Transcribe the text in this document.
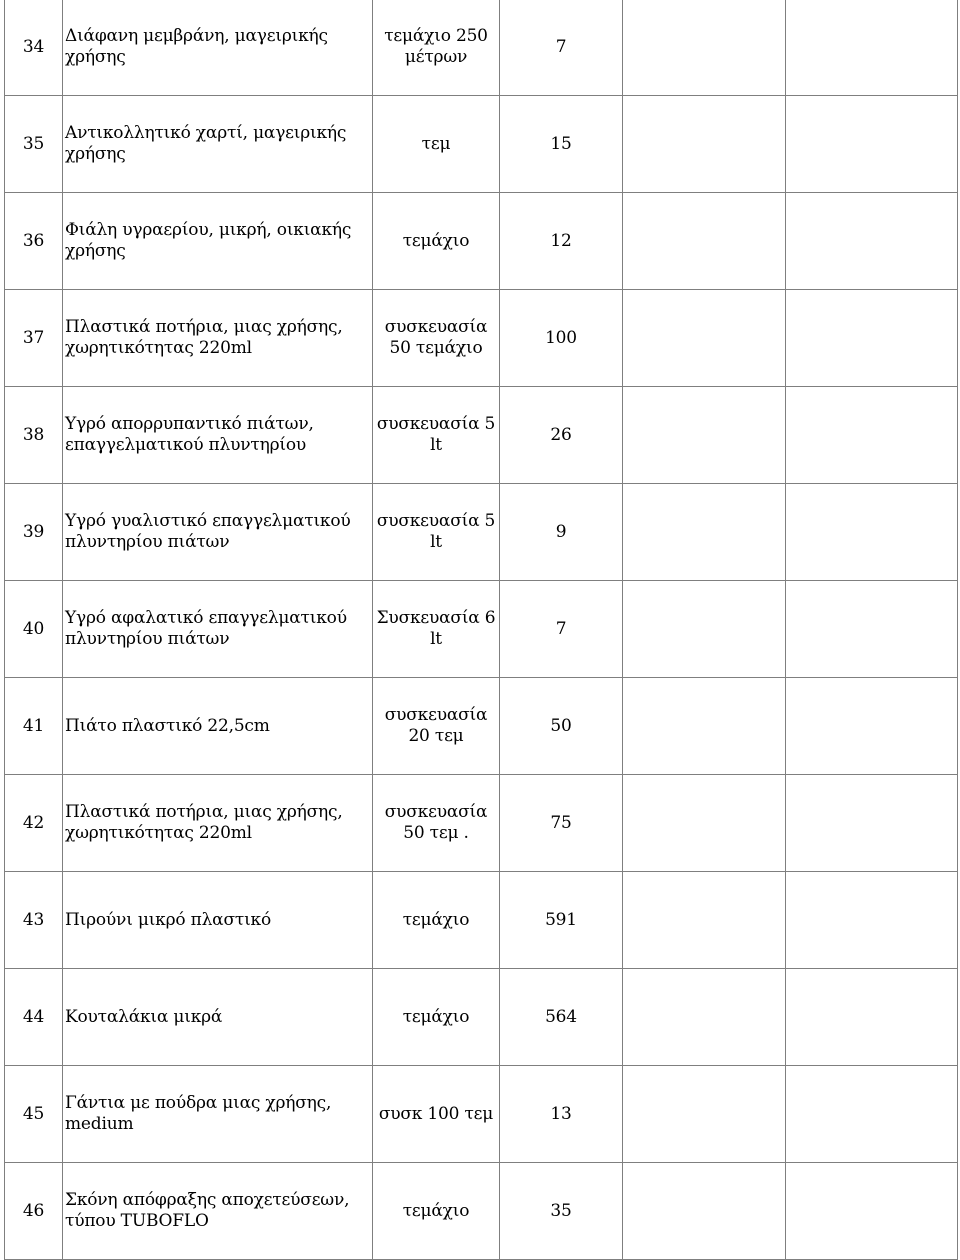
34	Διάφανη μεμβράνη, μαγειρικής χρήσης	τεμάχιο 250 μέτρων	7		
35	Αντικολλητικό χαρτί, μαγειρικής χρήσης	τεμ	15		
36	Φιάλη υγραερίου, μικρή, οικιακής χρήσης	τεμάχιο	12		
37	Πλαστικά ποτήρια, μιας χρήσης, χωρητικότητας 220ml	συσκευασία 50 τεμάχιο	100		
38	Υγρό απορρυπαντικό πιάτων, επαγγελματικού πλυντηρίου	συσκευασία 5 lt	26		
39	Υγρό γυαλιστικό επαγγελματικού πλυντηρίου πιάτων	συσκευασία 5 lt	9		
40	Υγρό αφαλατικό επαγγελματικού πλυντηρίου πιάτων	Συσκευασία 6 lt	7		
41	Πιάτο πλαστικό 22,5cm	συσκευασία 20 τεμ	50		
42	Πλαστικά ποτήρια, μιας χρήσης, χωρητικότητας 220ml	συσκευασία 50 τεμ .	75		
43	Πιρούνι μικρό πλαστικό	τεμάχιο	591		
44	Κουταλάκια μικρά	τεμάχιο	564		
45	Γάντια με πούδρα μιας χρήσης, medium	συσκ 100 τεμ	13		
46	Σκόνη απόφραξης αποχετεύσεων, τύπου TUBOFLO	τεμάχιο	35		
